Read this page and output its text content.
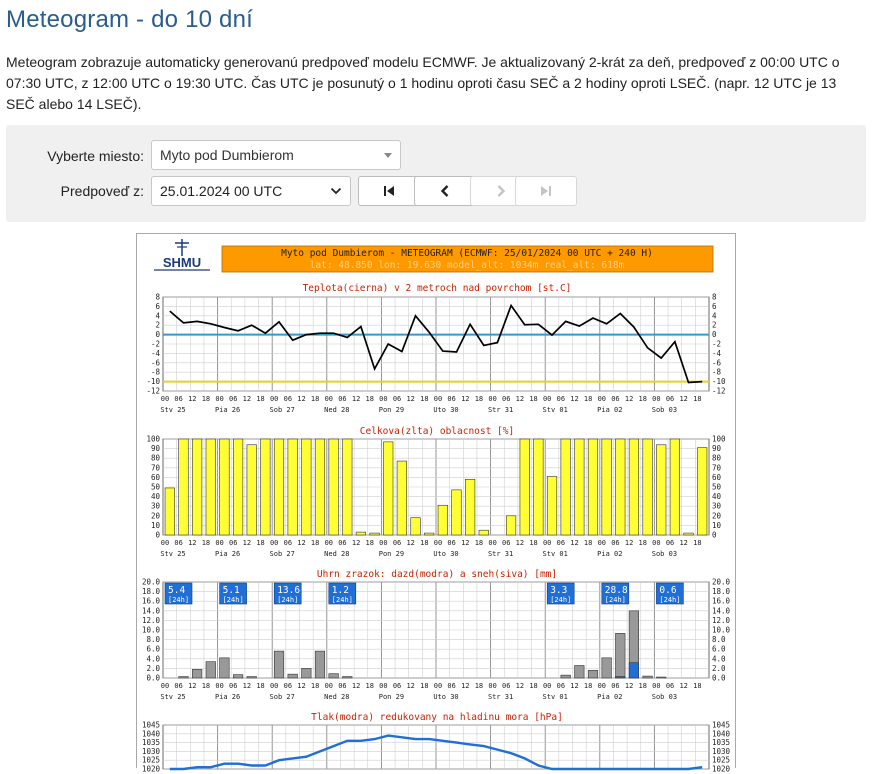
Meteogram - do 10 dní

Meteogram zobrazuje automaticky generovanú predpoveď modelu ECMWF. Je aktualizovaný 2-krát za deň, predpoveď z 00:00 UTC o 07:30 UTC, z 12:00 UTC o 19:30 UTC. Čas UTC je posunutý o 1 hodinu oproti času SEČ a 2 hodiny oproti LSEČ. (napr. 12 UTC je 13 SEČ alebo 14 LSEČ).

Vyberte miesto: Myto pod Dumbierom
Predpoveď z: 25.01.2024 00 UTC
SHMU
Myto pod Dumbierom - METEOGRAM (ECMWF: 25/01/2024 00 UTC + 240 H)
lat: 48.850 lon: 19.630 model_alt: 1034m real_alt: 618m
Teplota(cierna) v 2 metroch nad povrchom [st.C]
8	8
6	6
4	4
2	2
0	0
-2	-2
-4	-4
-6	-6
-8	-8
-10	-10
-12	-12
00 06 12 18 00 06 12 18 00 06 12 18 00 06 12 18 00 06 12 18 00 06 12 18 00 06 12 18 00 06 12 18 00 06 12 18 00 06 12 18
Stv 25	Pia 26	Sob 27	Ned 28	Pon 29	Uto 30	Str 31	Stv 01	Pia 02	Sob 03
Celkova(zlta) oblacnost [%]
100	100
90	90
80	80
70	70
60	60
50	50
40	40
30	30
20	20
10	10
0	0
00 06 12 18 00 06 12 18 00 06 12 18 00 06 12 18 00 06 12 18 00 06 12 18 00 06 12 18 00 06 12 18 00 06 12 18 00 06 12 18
Stv 25	Pia 26	Sob 27	Ned 28	Pon 29	Uto 30	Str 31	Stv 01	Pia 02	Sob 03
Uhrn zrazok: dazd(modra) a sneh(siva) [mm]
20.0	20.0
18.0	18.0
16.0	16.0
14.0	14.0
12.0	12.0
10.0	10.0
8.0	8.0
6.0	6.0
4.0	4.0
2.0	2.0
0.0	0.0
00 06 12 18 00 06 12 18 00 06 12 18 00 06 12 18 00 06 12 18 00 06 12 18 00 06 12 18 00 06 12 18 00 06 12 18 00 06 12 18
Stv 25	Pia 26	Sob 27	Ned 28	Pon 29	Uto 30	Str 31	Stv 01	Pia 02	Sob 03
5.4
[24h]
5.1
[24h]
13.6
[24h]
1.2
[24h]
3.3
[24h]
28.8
[24h]
0.6
[24h]
Tlak(modra) redukovany na hladinu mora [hPa]
1045	1045
1040	1040
1035	1035
1030	1030
1025	1025
1020	1020
